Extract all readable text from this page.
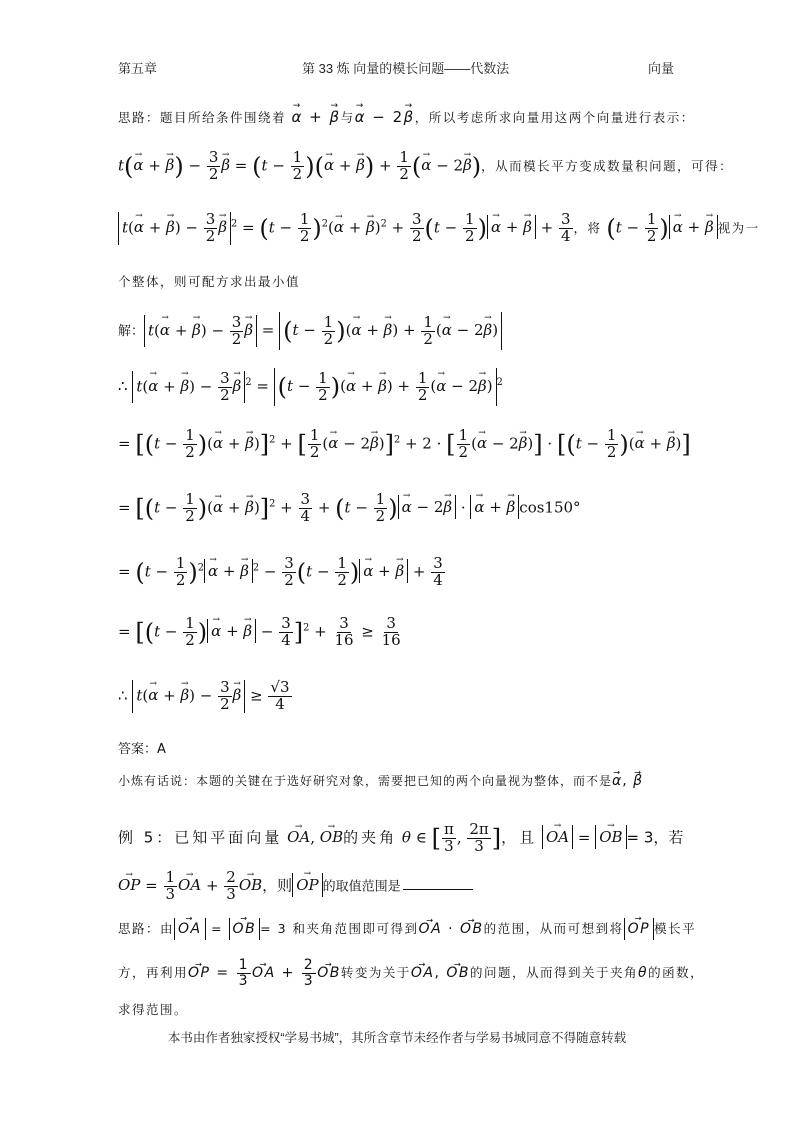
第五章	第 33 炼 向量的模长问题——代数法	向量
思路：题目所给条件围绕着 → α + → β与→ α − 2→ β，所以考虑所求向量用这两个向量进行表示：
t(→ α + → $\beta) - \frac{3}{2}$
→ $\beta = (t - \frac{1}{2}$ )(→ α + → $\beta) + \frac{1}{2}$ (→ α − 2→ β)，从而模长平方变成数量积问题，可得：
t(→ α + → $\beta) - \frac{3}{2}$
→ β $^2 = (t - \frac{1}{2} )^2(\to \alpha$ + → $\beta)^2 + \frac{3}{2} (t - \frac{1}{2}$ )→ α + → $\beta + \frac{3}{4}$ ，将 ($t - \frac{1}{2}$ )→ α + → β 视为一
个整体，则可配方求出最小值
解： t(→ α + → $\beta) - \frac{3}{2}$
→ $\beta = (t - \frac{1}{2}$ )(→ α + → $\beta) + \frac{1}{2}$ (→ α − 2→ β)
∴ t(→ α + → $\beta) - \frac{3}{2}$
→ β $^2 = (t - \frac{1}{2}$ )(→ α + → $\beta) + \frac{1}{2}$ (→ α − 2→ β) $^2$
= [($t - \frac{1}{2}$ )(→ α + → β)]$^2$ + [ $\frac{1}{2}$ (→ α − 2→ β)]$^2$ + 2 · [ $\frac{1}{2}$ (→ $\alpha - 2\to \beta)] \cdot [(t - \frac{1}{2}$ )(→ α + → β)]
= [($t - \frac{1}{2}$ )(→ α + → $\beta)]^2 + \frac{3}{4} + (t - \frac{1}{2}$ )→ α − 2→ β · → α + → β cos150°
= $(t - \frac{1}{2} )^2\to \alpha$ + → β $^2 - \frac{3}{2} (t - \frac{1}{2}$ )→ α + → $\beta + \frac{3}{4}$
= [($t - \frac{1}{2}$ )→ α + → $\beta - \frac{3}{4} ]^2 + \frac{3}{16} \ge \frac{3}{16}$
∴ t(→ α + → $\beta) - \frac{3}{2}$
→ $\beta \ge \frac{√3}{4}$
答案：A
小炼有话说：本题的关键在于选好研究对象，需要把已知的两个向量视为整体，而不是→ α, → β
例 5：已知平面向量 → OA, → OB的夹角 θ ∈ [ $\frac{\pi}{3}$ , $\frac{2\pi}{3}$ ]，且 → OA = → OB = 3，若
→ OP = $\frac{1}{3}$
→ OA + $\frac{2}{3}$
→ OB，则→ OP 的取值范围是
思路：由→ OA = → OB = 3 和夹角范围即可得到→ OA · → OB的范围，从而可想到将→ OP 模长平
方，再利用→ OP = $\frac{1}{3}$
→ OA + $\frac{2}{3}$
→ OB转变为关于→ OA, → OB的问题，从而得到关于夹角θ的函数，
求得范围。
本书由作者独家授权“学易书城”，其所含章节未经作者与学易书城同意不得随意转载
